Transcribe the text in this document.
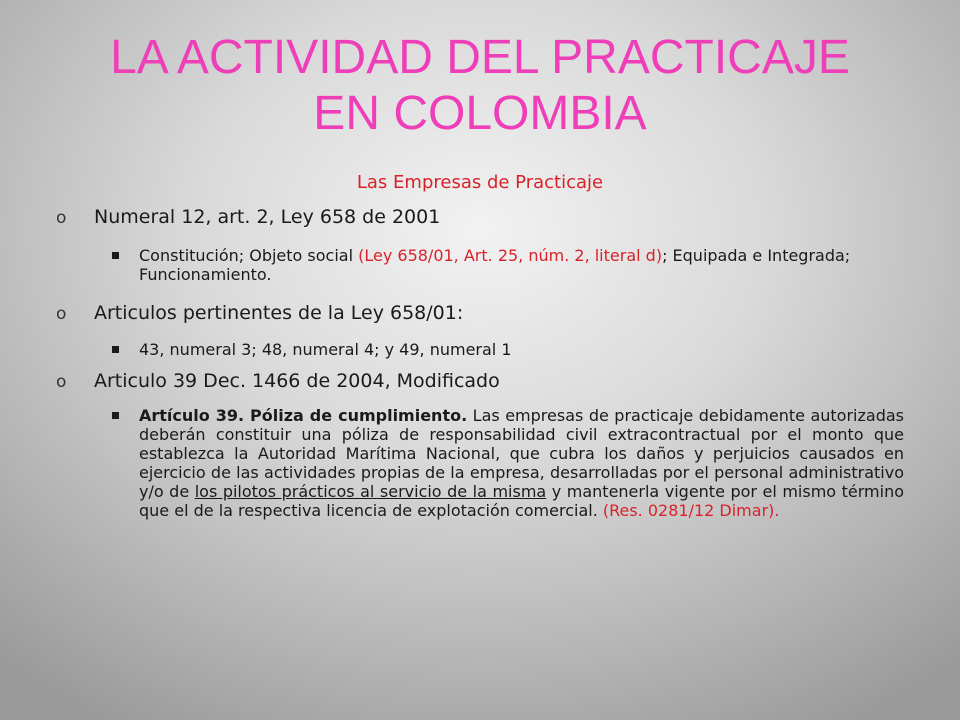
LA ACTIVIDAD DEL PRACTICAJE
EN COLOMBIA
Las Empresas de Practicaje
o Numeral 12, art. 2, Ley 658 de 2001
Constitución; Objeto social (Ley 658/01, Art. 25, núm. 2, literal d); Equipada e Integrada; Funcionamiento.
o Articulos pertinentes de la Ley 658/01:
43, numeral 3; 48, numeral 4; y 49, numeral 1
o Articulo 39 Dec. 1466 de 2004, Modificado
Artículo 39. Póliza de cumplimiento. Las empresas de practicaje debidamente autorizadas deberán constituir una póliza de responsabilidad civil extracontractual por el monto que establezca la Autoridad Marítima Nacional, que cubra los daños y perjuicios causados en ejercicio de las actividades propias de la empresa, desarrolladas por el personal administrativo y/o de los pilotos prácticos al servicio de la misma y mantenerla vigente por el mismo término que el de la respectiva licencia de explotación comercial. (Res. 0281/12 Dimar).
